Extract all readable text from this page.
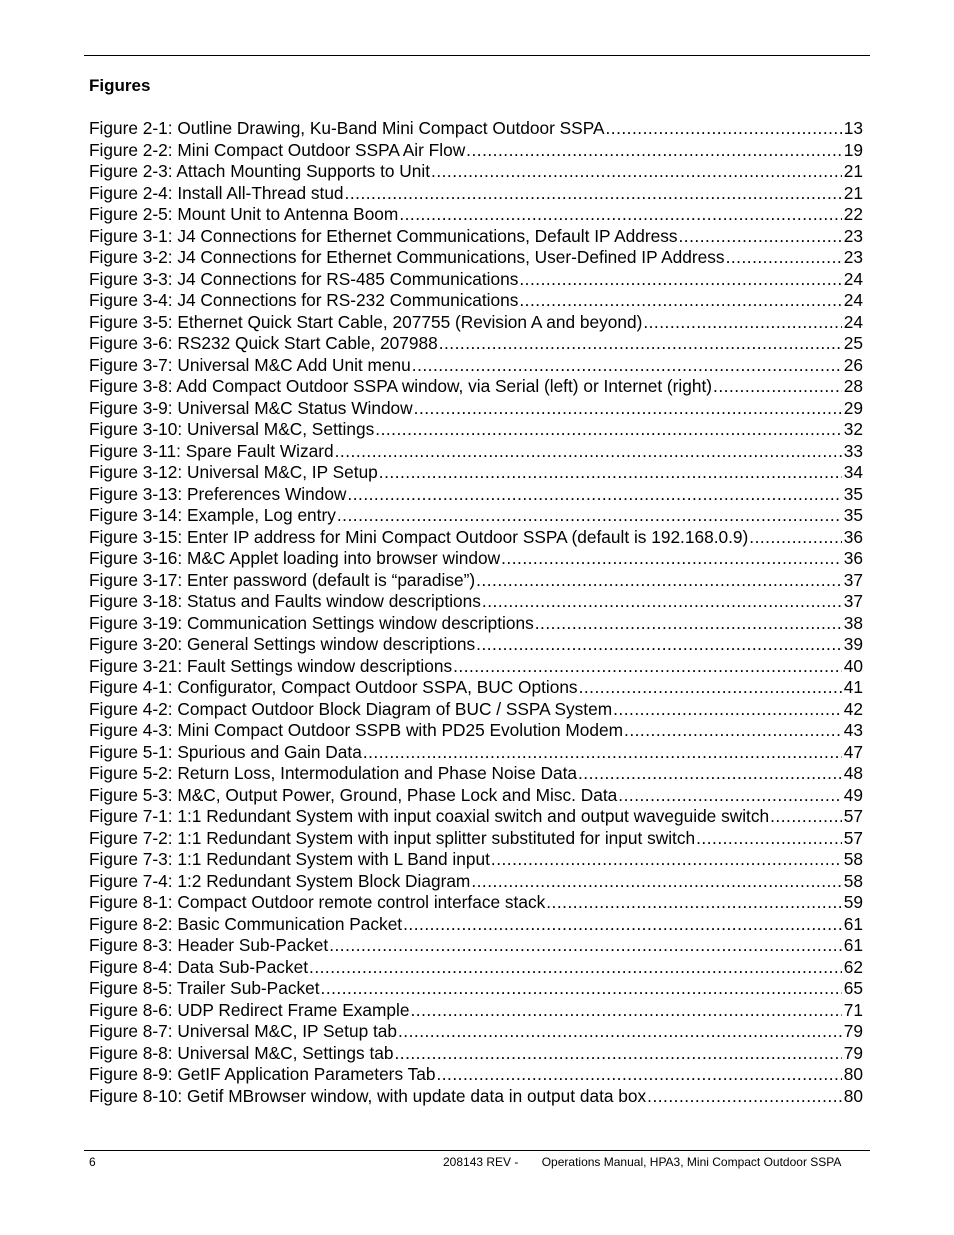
Figures
Figure 2-1: Outline Drawing, Ku-Band Mini Compact Outdoor SSPA .....	13
Figure 2-2: Mini Compact Outdoor SSPA Air Flow .....	19
Figure 2-3: Attach Mounting Supports to Unit .....	21
Figure 2-4: Install All-Thread stud .....	21
Figure 2-5: Mount Unit to Antenna Boom .....	22
Figure 3-1: J4 Connections for Ethernet Communications, Default IP Address .....	23
Figure 3-2: J4 Connections for Ethernet Communications, User-Defined IP Address .....	23
Figure 3-3: J4 Connections for RS-485 Communications .....	24
Figure 3-4: J4 Connections for RS-232 Communications .....	24
Figure 3-5: Ethernet Quick Start Cable, 207755 (Revision A and beyond) .....	24
Figure 3-6: RS232 Quick Start Cable, 207988 .....	25
Figure 3-7: Universal M&C Add Unit menu .....	26
Figure 3-8: Add Compact Outdoor SSPA window, via Serial (left) or Internet (right) .....	28
Figure 3-9: Universal M&C Status Window .....	29
Figure 3-10: Universal M&C, Settings .....	32
Figure 3-11: Spare Fault Wizard .....	33
Figure 3-12: Universal M&C, IP Setup .....	34
Figure 3-13: Preferences Window .....	35
Figure 3-14: Example, Log entry .....	35
Figure 3-15: Enter IP address for Mini Compact Outdoor SSPA (default is 192.168.0.9) .....	36
Figure 3-16: M&C Applet loading into browser window .....	36
Figure 3-17: Enter password (default is “paradise”) .....	37
Figure 3-18: Status and Faults window descriptions .....	37
Figure 3-19: Communication Settings window descriptions .....	38
Figure 3-20: General Settings window descriptions .....	39
Figure 3-21: Fault Settings window descriptions .....	40
Figure 4-1: Configurator, Compact Outdoor SSPA, BUC Options .....	41
Figure 4-2: Compact Outdoor Block Diagram of BUC / SSPA System .....	42
Figure 4-3: Mini Compact Outdoor SSPB with PD25 Evolution Modem .....	43
Figure 5-1: Spurious and Gain Data .....	47
Figure 5-2: Return Loss, Intermodulation and Phase Noise Data .....	48
Figure 5-3: M&C, Output Power, Ground, Phase Lock and Misc. Data .....	49
Figure 7-1: 1:1 Redundant System with input coaxial switch and output waveguide switch .....	57
Figure 7-2: 1:1 Redundant System with input splitter substituted for input switch .....	57
Figure 7-3: 1:1 Redundant System with L Band input .....	58
Figure 7-4: 1:2 Redundant System Block Diagram .....	58
Figure 8-1: Compact Outdoor remote control interface stack .....	59
Figure 8-2: Basic Communication Packet .....	61
Figure 8-3: Header Sub-Packet .....	61
Figure 8-4: Data Sub-Packet .....	62
Figure 8-5: Trailer Sub-Packet .....	65
Figure 8-6: UDP Redirect Frame Example .....	71
Figure 8-7: Universal M&C, IP Setup tab .....	79
Figure 8-8: Universal M&C, Settings tab .....	79
Figure 8-9: GetIF Application Parameters Tab .....	80
Figure 8-10: Getif MBrowser window, with update data in output data box .....	80
6	208143 REV -       Operations Manual, HPA3, Mini Compact Outdoor SSPA
